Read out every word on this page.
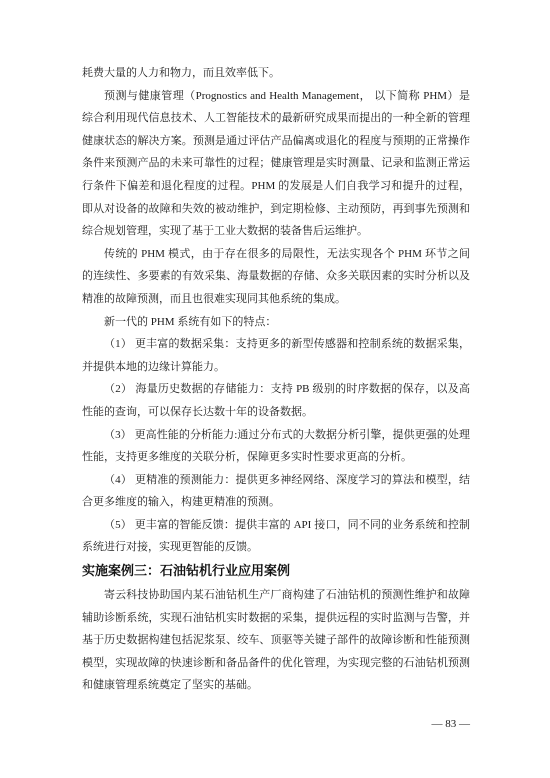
耗费大量的人力和物力，而且效率低下。

预测与健康管理（Prognostics and Health Management， 以下简称 PHM）是综合利用现代信息技术、人工智能技术的最新研究成果而提出的一种全新的管理健康状态的解决方案。预测是通过评估产品偏离或退化的程度与预期的正常操作条件来预测产品的未来可靠性的过程；健康管理是实时测量、记录和监测正常运行条件下偏差和退化程度的过程。PHM 的发展是人们自我学习和提升的过程，即从对设备的故障和失效的被动维护，到定期检修、主动预防，再到事先预测和综合规划管理，实现了基于工业大数据的装备售后运维护。

传统的 PHM 模式，由于存在很多的局限性，无法实现各个 PHM 环节之间的连续性、多要素的有效采集、海量数据的存储、众多关联因素的实时分析以及精准的故障预测，而且也很难实现同其他系统的集成。

新一代的 PHM 系统有如下的特点：

（1） 更丰富的数据采集：支持更多的新型传感器和控制系统的数据采集，并提供本地的边缘计算能力。

（2） 海量历史数据的存储能力：支持 PB 级别的时序数据的保存，以及高性能的查询，可以保存长达数十年的设备数据。

（3） 更高性能的分析能力:通过分布式的大数据分析引擎，提供更强的处理性能，支持更多维度的关联分析，保障更多实时性要求更高的分析。

（4） 更精准的预测能力：提供更多神经网络、深度学习的算法和模型，结合更多维度的输入，构建更精准的预测。

（5） 更丰富的智能反馈：提供丰富的 API 接口，同不同的业务系统和控制系统进行对接，实现更智能的反馈。

实施案例三：石油钻机行业应用案例

寄云科技协助国内某石油钻机生产厂商构建了石油钻机的预测性维护和故障辅助诊断系统，实现石油钻机实时数据的采集，提供远程的实时监测与告警，并基于历史数据构建包括泥浆泵、绞车、顶驱等关键子部件的故障诊断和性能预测模型，实现故障的快速诊断和备品备件的优化管理，为实现完整的石油钻机预测和健康管理系统奠定了坚实的基础。

— 83 —
